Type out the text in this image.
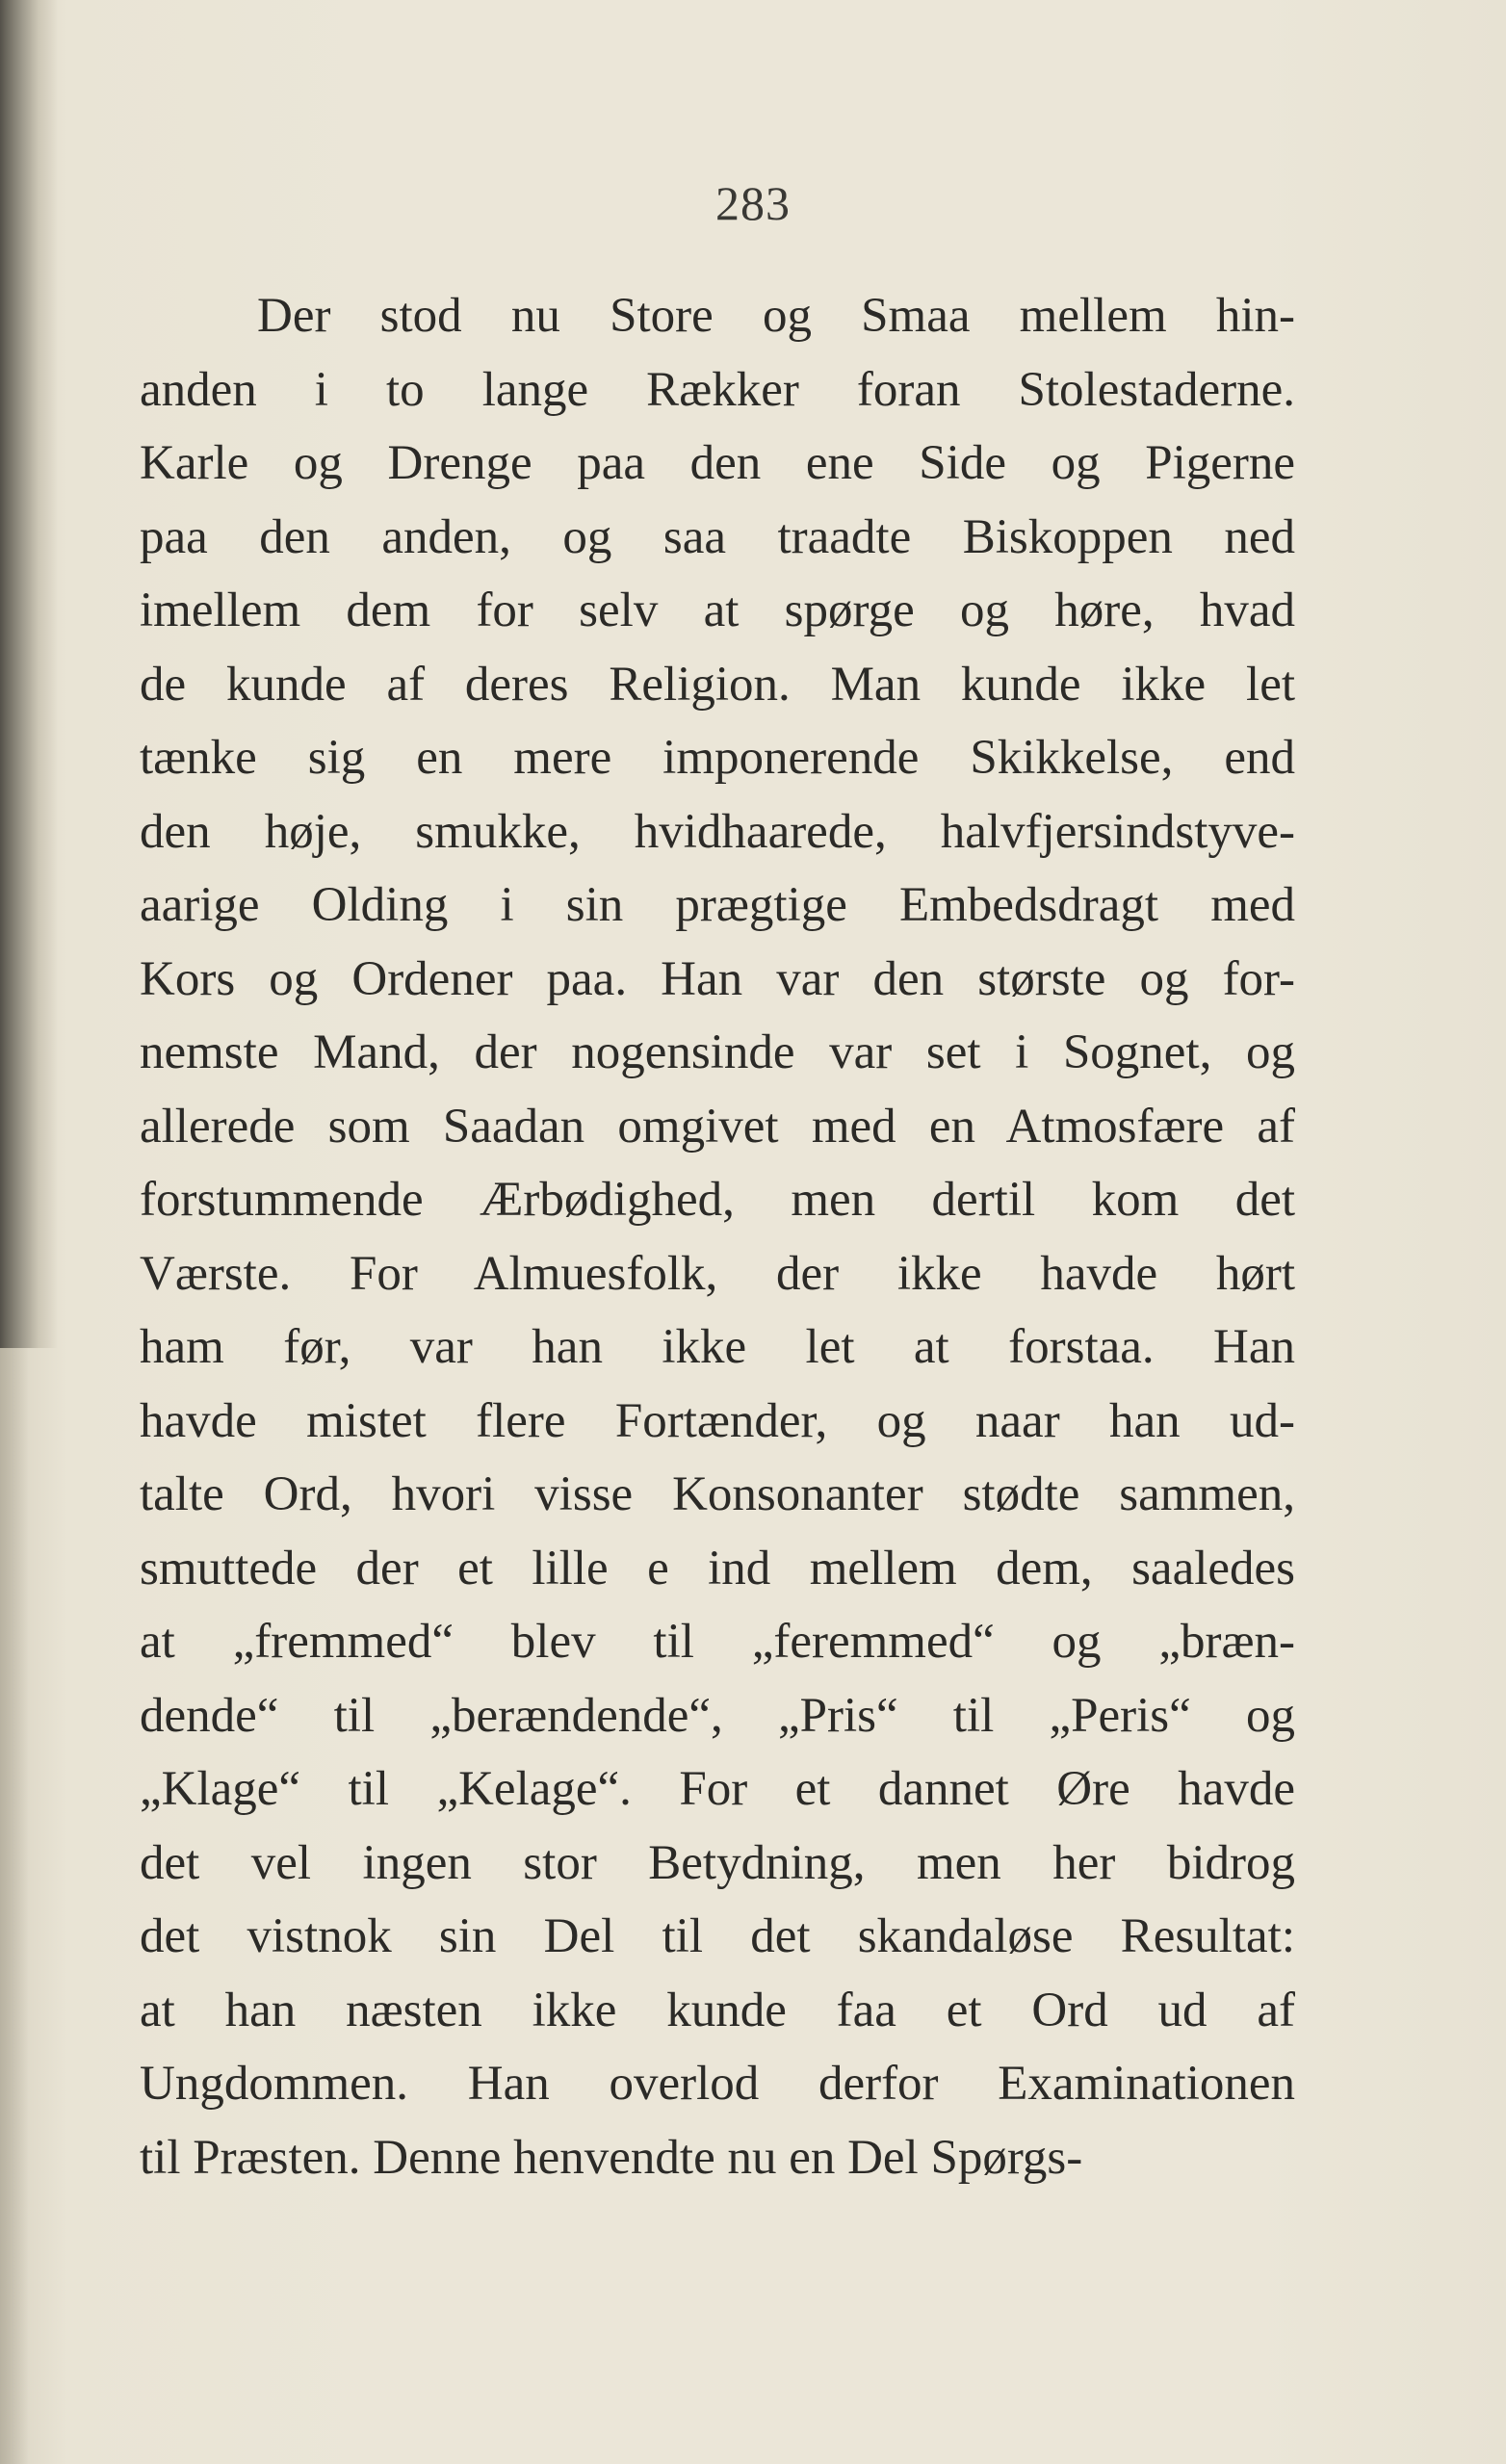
283
Der stod nu Store og Smaa mellem hin-
anden i to lange Rækker foran Stolestaderne.
Karle og Drenge paa den ene Side og Pigerne
paa den anden, og saa traadte Biskoppen ned
imellem dem for selv at spørge og høre, hvad
de kunde af deres Religion. Man kunde ikke let
tænke sig en mere imponerende Skikkelse, end
den høje, smukke, hvidhaarede, halvfjersindstyve-
aarige Olding i sin prægtige Embedsdragt med
Kors og Ordener paa. Han var den største og for-
nemste Mand, der nogensinde var set i Sognet, og
allerede som Saadan omgivet med en Atmosfære af
forstummende Ærbødighed, men dertil kom det
Værste. For Almuesfolk, der ikke havde hørt
ham før, var han ikke let at forstaa. Han
havde mistet flere Fortænder, og naar han ud-
talte Ord, hvori visse Konsonanter stødte sammen,
smuttede der et lille e ind mellem dem, saaledes
at „fremmed“ blev til „feremmed“ og „bræn-
dende“ til „berændende“, „Pris“ til „Peris“ og
„Klage“ til „Kelage“. For et dannet Øre havde
det vel ingen stor Betydning, men her bidrog
det vistnok sin Del til det skandaløse Resultat:
at han næsten ikke kunde faa et Ord ud af
Ungdommen. Han overlod derfor Examinationen
til Præsten. Denne henvendte nu en Del Spørgs-
